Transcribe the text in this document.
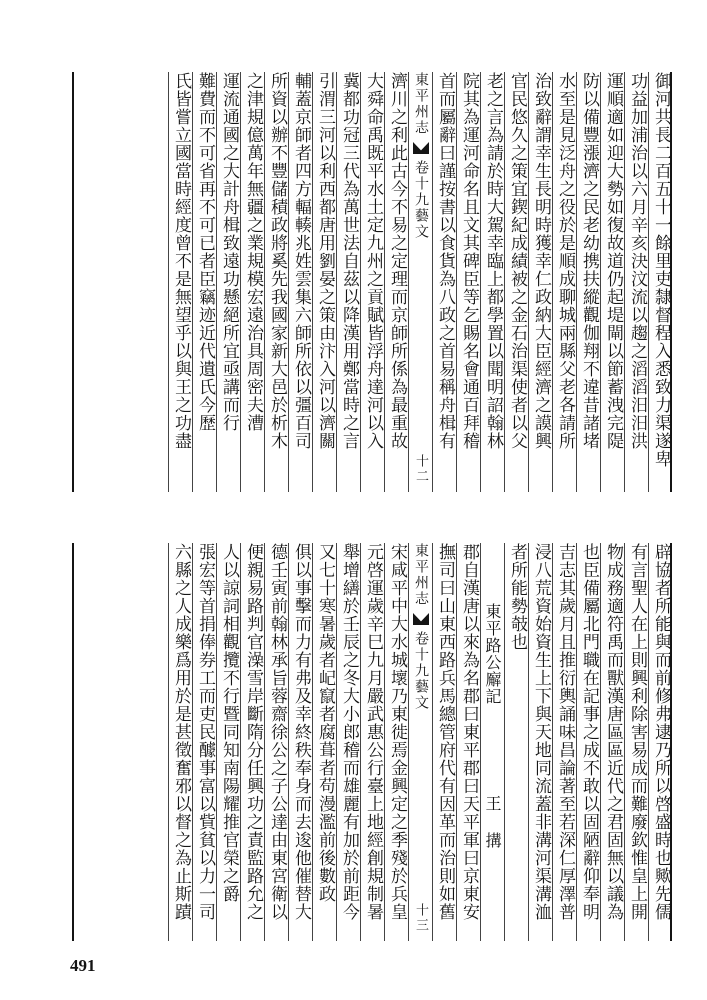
御河共長二百五十一餘里吏隸督程入悉致力渠遂卑
功益加浦治以六月辛亥決汶流以趨之滔滔汨汨洪
運順適如迎大勢如復故道仍起堤閘以節蓄洩完隄
防以備豐漲濟之民老幼携扶縱觀伽翔不違昔諸堵
水至是見泛舟之役於是順成聊城兩縣父老各請所
治致辭謂幸生長明時獲幸仁政納大臣經濟之謨興
官民悠久之策宜鍥紀成績被之金石治渠使者以父
老之言為請於時大駕幸臨上都學置以聞明詔翰林
院其為運河命名且文其碑臣等乞賜名會通百拜稽
首而屬辭曰謹按書以食貨為八政之首易稱舟楫有
東平州志卷十九藝文
十二
濟川之利此古今不易之定理而京師所係為最重故
大舜命禹既平水土定九州之貢賦皆浮舟達河以入
冀都功冠三代為萬世法自茲以降漢用鄭當時之言
引渭三河以利西都唐用劉晏之策由汴入河以濟關
輔蓋京師者四方輻輳兆姓雲集六師所依以彊百司
所資以辦不豐儲積政將奚先我國家新大邑於析木
之津規億萬年無疆之業規模宏遠治具周密夫漕
運流通國之大計舟楫致遠功懸絕所宜亟講而行
難費而不可省再不可已者臣竊迹近代遺氏今歷
氏皆嘗立國當時經度曾不是無望乎以與王之功盡
辟協者所能與而前修弗逮乃所以啓盛時也歟先儒
有言聖人在上則興利除害易成而難廢欽惟皇上開
物成務適符禹而獸漢唐區區近代之君固無以議為
也臣備屬北門職在記事之成不敢以固陋辭仰奉明
吉志其歲月且推衍輿誦味昌論著至若深仁厚澤普
浸八荒資始資生上下與天地同流蓋非溝河渠溝洫
者所能勢攲也
東平路公廨記王 搆
郡自漢唐以來為名郡曰東平郡曰天平軍曰京東安
撫司曰山東西路兵馬總管府代有因革而治則如舊
東平州志卷十九藝文
十三
宋咸平中大水城壞乃東徙焉金興定之季殘於兵皇
元啓運歲辛巳九月嚴武惠公行臺上地經創規制暑
舉增繕於壬辰之冬大小郎稽而雄麗有加於前距今
又七十寒暑歲者屺竄者腐葺者苟漫濫前後數政
俱以事擊而力有弗及幸終秩奉身而去逡他催替大
德壬寅前翰林承旨蓉齋徐公之子公達由東宮衛以
便親易路判官澡雪岸斷隋分任興功之責監路允之
人以諒詞相觀攬不行暨同知南陽耀推官榮之爵
張宏等首捐俸券工而吏民醵事富以貲貧以力一司
六縣之人成樂爲用於是甚徵奮邪以督之為止斯蹟
491
